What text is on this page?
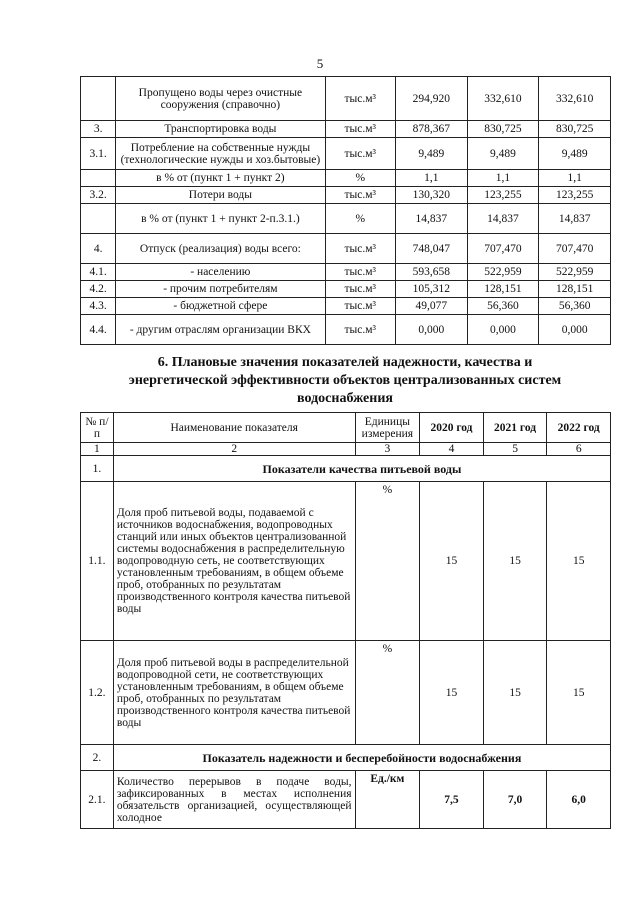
5
	Пропущено воды через очистные сооружения (справочно)	тыс.м³	294,920	332,610	332,610
3.	Транспортировка воды	тыс.м³	878,367	830,725	830,725
3.1.	Потребление на собственные нужды (технологические нужды и хоз.бытовые)	тыс.м³	9,489	9,489	9,489
	в % от (пункт 1 + пункт 2)	%	1,1	1,1	1,1
3.2.	Потери воды	тыс.м³	130,320	123,255	123,255
	в % от (пункт 1 + пункт 2-п.3.1.)	%	14,837	14,837	14,837
4.	Отпуск (реализация) воды всего:	тыс.м³	748,047	707,470	707,470
4.1.	- населению	тыс.м³	593,658	522,959	522,959
4.2.	- прочим потребителям	тыс.м³	105,312	128,151	128,151
4.3.	- бюджетной сфере	тыс.м³	49,077	56,360	56,360
4.4.	- другим отраслям организации ВКХ	тыс.м³	0,000	0,000	0,000
6. Плановые значения показателей надежности, качества и энергетической эффективности объектов централизованных систем водоснабжения
№ п/п	Наименование показателя	Единицы измерения	2020 год	2021 год	2022 год
1	2	3	4	5	6
1.	Показатели качества питьевой воды				
1.1.	Доля проб питьевой воды, подаваемой с источников водоснабжения, водопроводных станций или иных объектов централизованной системы водоснабжения в распределительную водопроводную сеть, не соответствующих установленным требованиям, в общем объеме проб, отобранных по результатам производственного контроля качества питьевой воды	%	15	15	15
1.2.	Доля проб питьевой воды в распределительной водопроводной сети, не соответствующих установленным требованиям, в общем объеме проб, отобранных по результатам производственного контроля качества питьевой воды	%	15	15	15
2.	Показатель надежности и бесперебойности водоснабжения				
2.1.	Количество перерывов в подаче воды, зафиксированных в местах исполнения обязательств организацией, осуществляющей холодное	Ед./км	7,5	7,0	6,0
